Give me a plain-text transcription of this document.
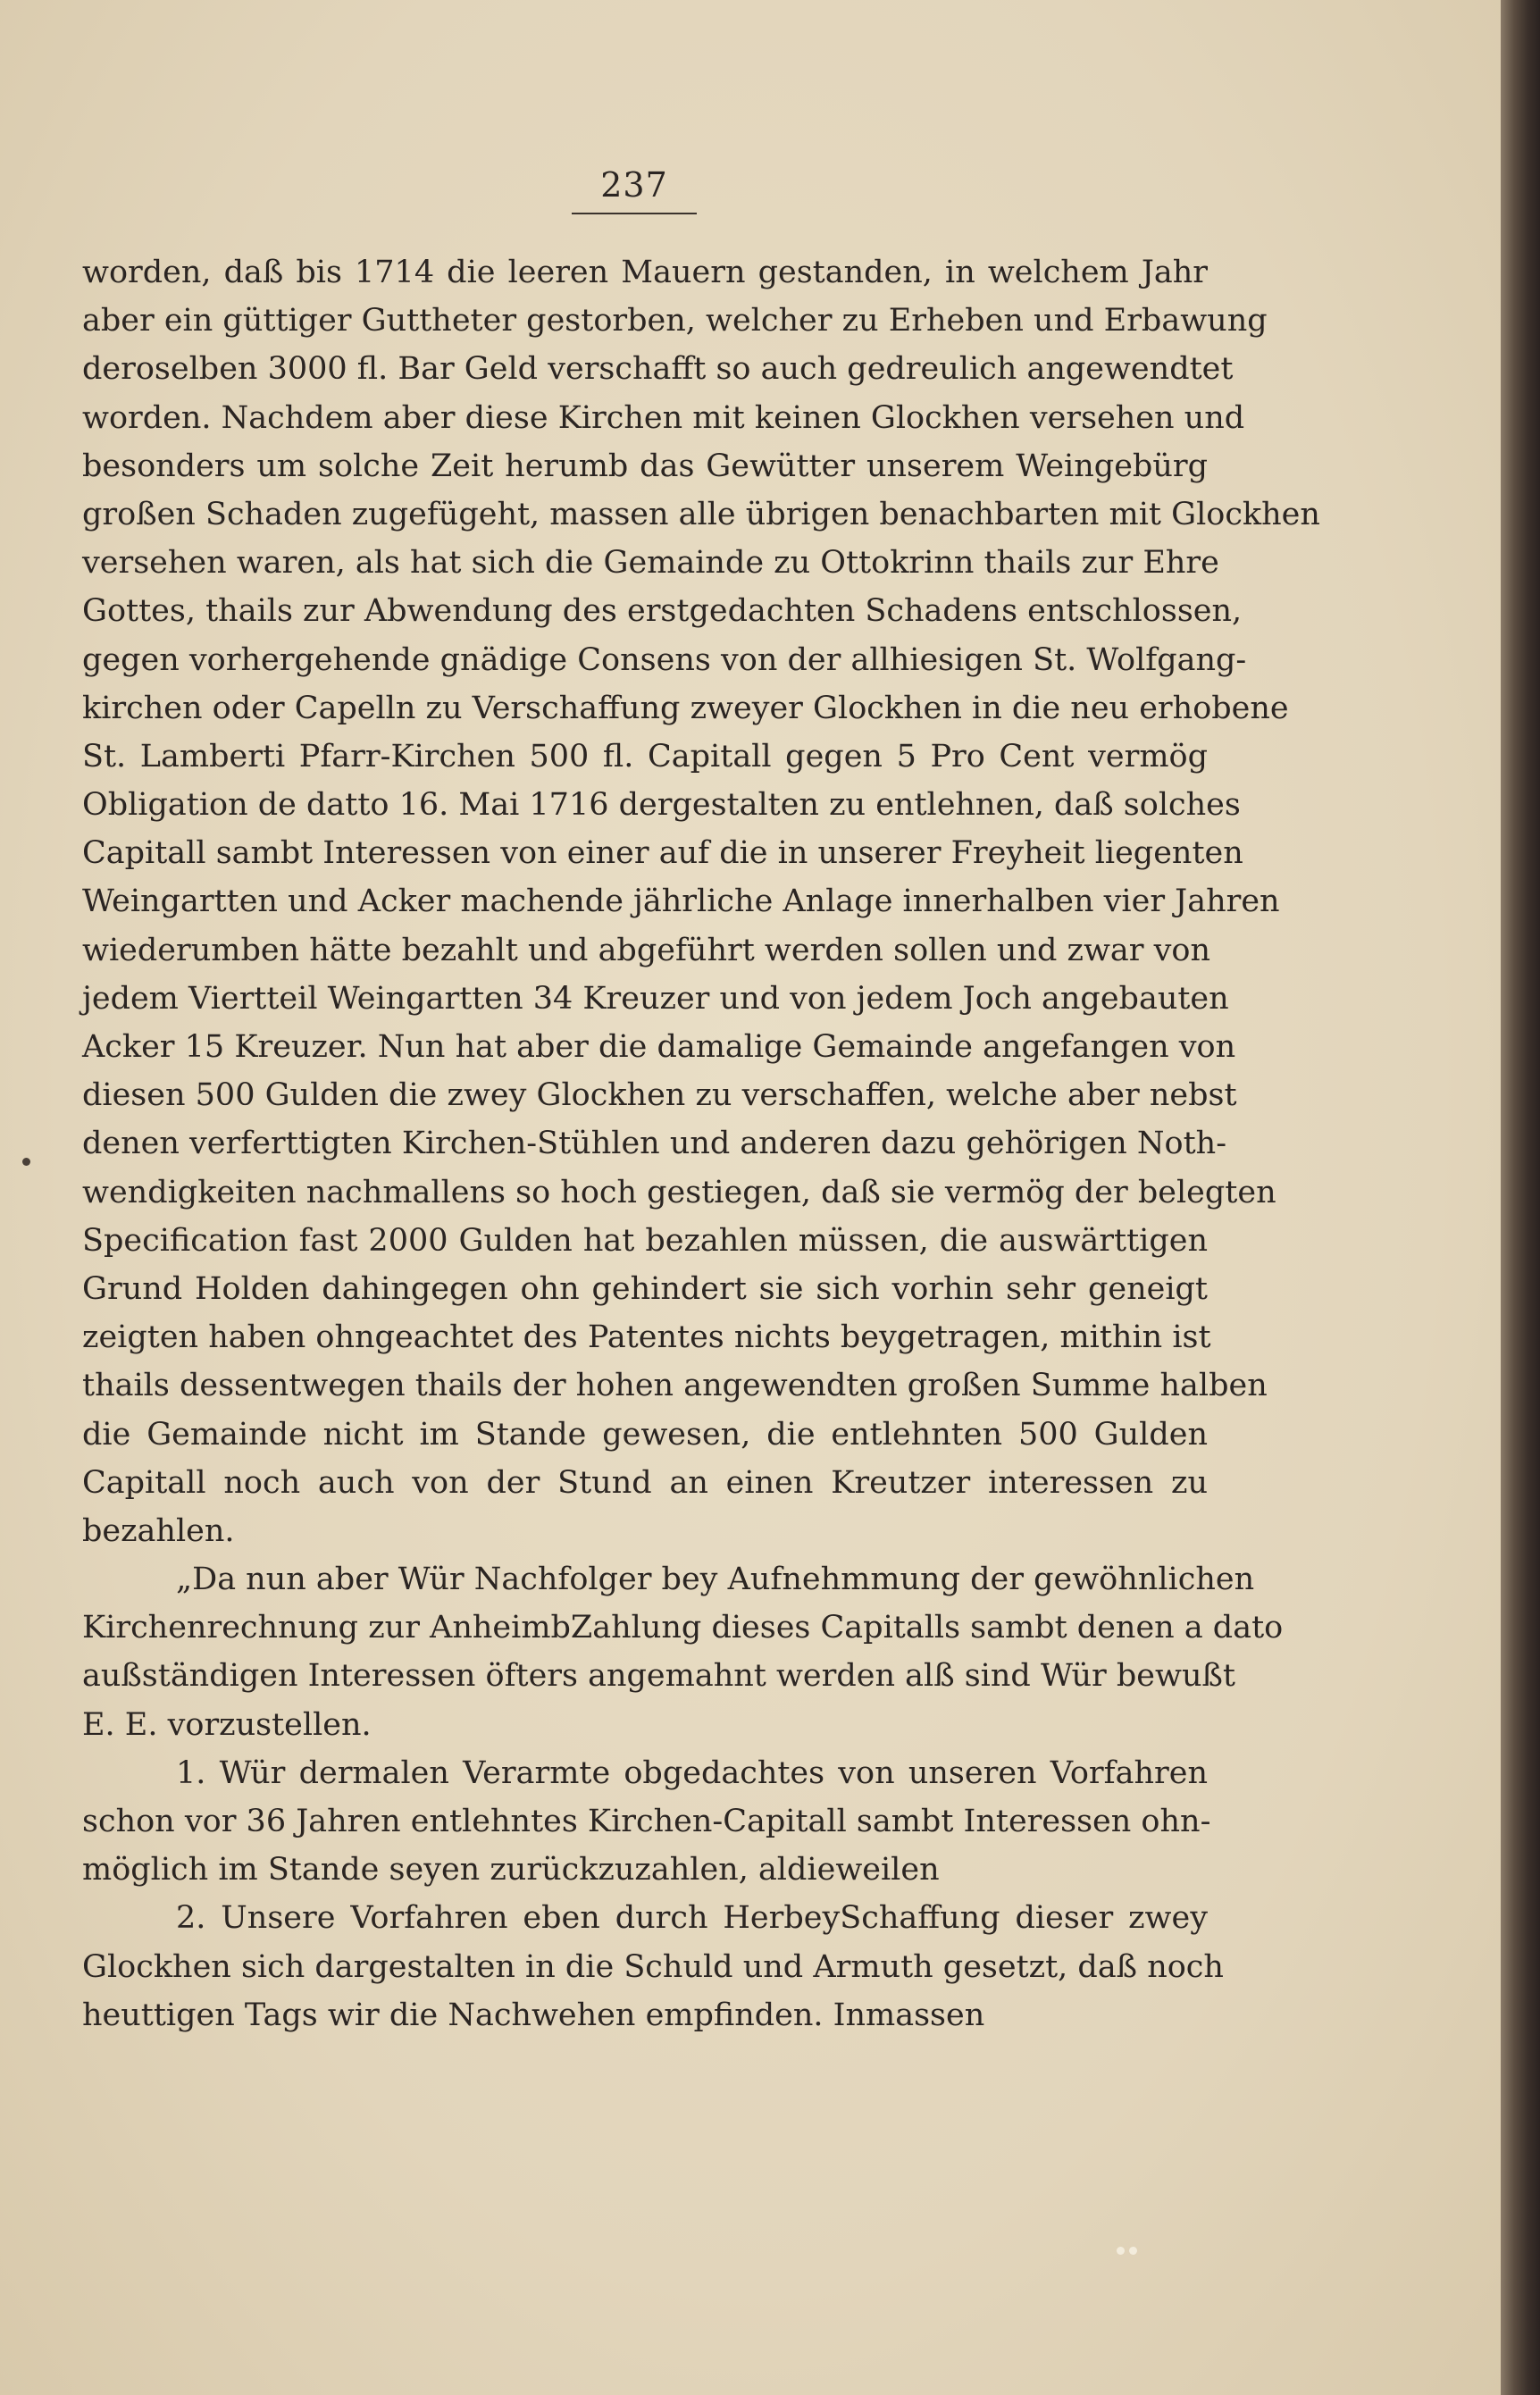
237
worden, daß bis 1714 die leeren Mauern gestanden, in welchem Jahr
aber ein güttiger Guttheter gestorben, welcher zu Erheben und Erbawung
deroselben 3000 fl. Bar Geld verschafft so auch gedreulich angewendtet
worden. Nachdem aber diese Kirchen mit keinen Glockhen versehen und
besonders um solche Zeit herumb das Gewütter unserem Weingebürg
großen Schaden zugefügeht, massen alle übrigen benachbarten mit Glockhen
versehen waren, als hat sich die Gemainde zu Ottokrinn thails zur Ehre
Gottes, thails zur Abwendung des erstgedachten Schadens entschlossen,
gegen vorhergehende gnädige Consens von der allhiesigen St. Wolfgang-
kirchen oder Capelln zu Verschaffung zweyer Glockhen in die neu erhobene
St. Lamberti Pfarr-Kirchen 500 fl. Capitall gegen 5 Pro Cent vermög
Obligation de datto 16. Mai 1716 dergestalten zu entlehnen, daß solches
Capitall sambt Interessen von einer auf die in unserer Freyheit liegenten
Weingartten und Acker machende jährliche Anlage innerhalben vier Jahren
wiederumben hätte bezahlt und abgeführt werden sollen und zwar von
jedem Viertteil Weingartten 34 Kreuzer und von jedem Joch angebauten
Acker 15 Kreuzer. Nun hat aber die damalige Gemainde angefangen von
diesen 500 Gulden die zwey Glockhen zu verschaffen, welche aber nebst
denen verferttigten Kirchen-Stühlen und anderen dazu gehörigen Noth-
wendigkeiten nachmallens so hoch gestiegen, daß sie vermög der belegten
Specification fast 2000 Gulden hat bezahlen müssen, die auswärttigen
Grund Holden dahingegen ohn gehindert sie sich vorhin sehr geneigt
zeigten haben ohngeachtet des Patentes nichts beygetragen, mithin ist
thails dessentwegen thails der hohen angewendten großen Summe halben
die Gemainde nicht im Stande gewesen, die entlehnten 500 Gulden
Capitall noch auch von der Stund an einen Kreutzer interessen zu
bezahlen.
„Da nun aber Wür Nachfolger bey Aufnehmmung der gewöhnlichen
Kirchenrechnung zur AnheimbZahlung dieses Capitalls sambt denen a dato
außständigen Interessen öfters angemahnt werden alß sind Wür bewußt
E. E. vorzustellen.
1. Wür dermalen Verarmte obgedachtes von unseren Vorfahren
schon vor 36 Jahren entlehntes Kirchen-Capitall sambt Interessen ohn-
möglich im Stande seyen zurückzuzahlen, aldieweilen
2. Unsere Vorfahren eben durch HerbeySchaffung dieser zwey
Glockhen sich dargestalten in die Schuld und Armuth gesetzt, daß noch
heuttigen Tags wir die Nachwehen empfinden. Inmassen
